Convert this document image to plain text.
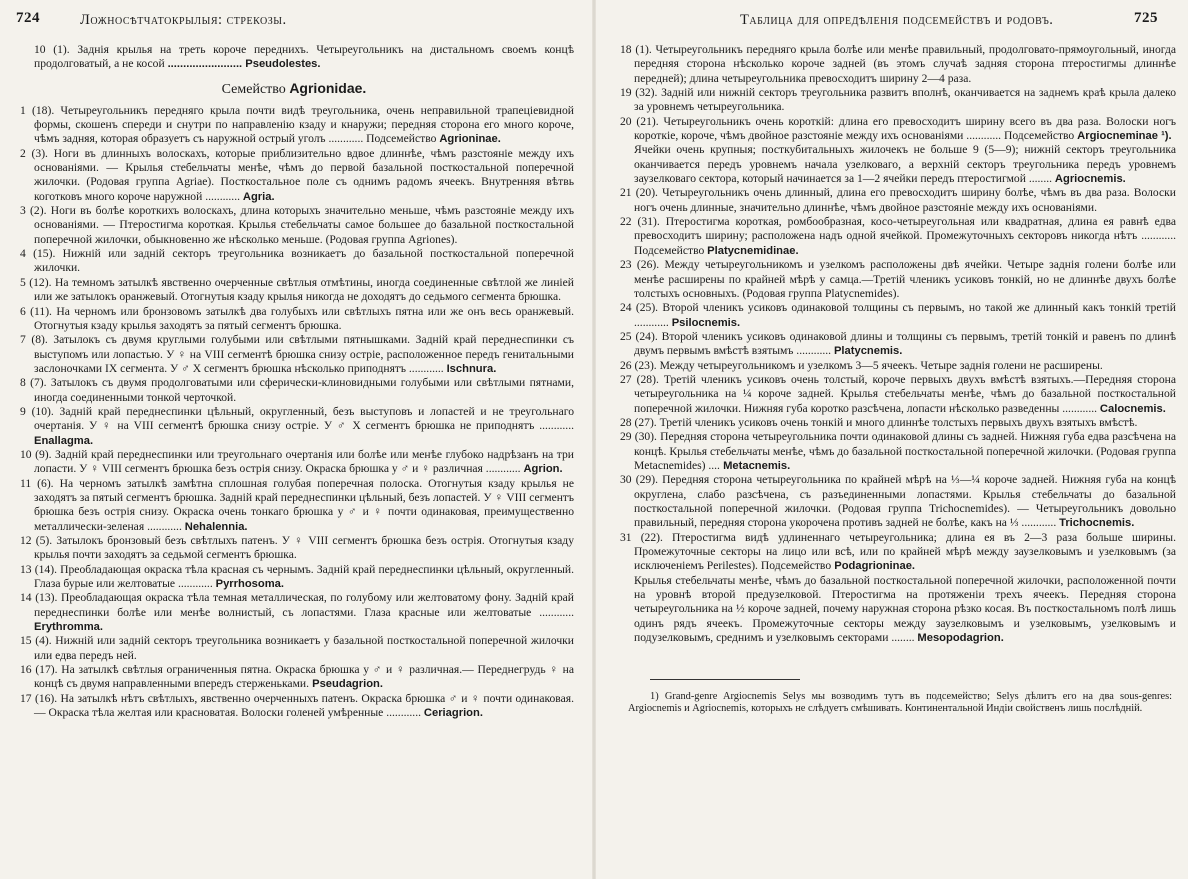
724	Ложносѣтчатокрылыя: стрекозы.

10 (1). Заднія крылья на треть короче переднихъ. Четыреугольникъ на дистальномъ своемъ концѣ продолговатый, а не косой ........................ Pseudolestes.

Семейство Agrionidae.

1 (18). Четыреугольникъ передняго крыла почти видѣ треугольника, очень неправильной трапецiевидной формы, скошенъ спереди и снутри по направленію кзаду и кнаружи; передняя сторона его много короче, чѣмъ задняя, которая образуетъ съ наружной острый уголъ ............ Подсемейство Agrioninae.

2 (3). Ноги въ длинныхъ волоскахъ, которые приблизительно вдвое длиннѣе, чѣмъ разстояніе между ихъ основаніями. — Крылья стебельчаты менѣе, чѣмъ до первой базальной посткостальной поперечной жилочки. (Родовая группа Agriae). Посткостальное поле съ однимъ радомъ ячеекъ. Внутренняя вѣтвь коготковъ много короче наружной ............ Agria.

3 (2). Ноги въ болѣе короткихъ волоскахъ, длина которыхъ значительно меньше, чѣмъ разстояніе между ихъ основаніями. — Птеростигма короткая. Крылья стебельчаты самое большее до базальной посткостальной поперечной жилочки, обыкновенно же нѣсколько меньше. (Родовая группа Agriones).

4 (15). Нижній или задній секторъ треугольника возникаетъ до базальной посткостальной поперечной жилочки.

5 (12). На темномъ затылкѣ явственно очерченные свѣтлыя отмѣтины, иногда соединенные свѣтлой же линіей или же затылокъ оранжевый. Отогнутыя кзаду крылья никогда не доходятъ до седьмого сегмента брюшка.

6 (11). На черномъ или бронзовомъ затылкѣ два голубыхъ или свѣтлыхъ пятна или же онъ весь оранжевый. Отогнутыя кзаду крылья заходятъ за пятый сегментъ брюшка.

7 (8). Затылокъ съ двумя круглыми голубыми или свѣтлыми пятнышками. Задній край переднеспинки съ выступомъ или лопастью. У ♀ на VIII сегментѣ брюшка снизу остріе, расположенное передъ генитальными заслоночками IX сегмента. У ♂ X сегментъ брюшка нѣсколько приподнятъ ............ Ischnura.

8 (7). Затылокъ съ двумя продолговатыми или сферически-клиновидными голубыми или свѣтлыми пятнами, иногда соединенными тонкой черточкой.

9 (10). Задній край переднеспинки цѣльный, округленный, безъ выступовъ и лопастей и не треугольнаго очертанія. У ♀ на VIII сегментѣ брюшка снизу остріе. У ♂ X сегментъ брюшка не приподнятъ ............ Enallagma.

10 (9). Задній край переднеспинки или треугольнаго очертанія или болѣе или менѣе глубоко надрѣзанъ на три лопасти. У ♀ VIII сегментъ брюшка безъ острія снизу. Окраска брюшка у ♂ и ♀ различная ............ Agrion.

11 (6). На черномъ затылкѣ замѣтна сплошная голубая поперечная полоска. Отогнутыя кзаду крылья не заходятъ за пятый сегментъ брюшка. Задній край переднеспинки цѣльный, безъ лопастей. У ♀ VIII сегментъ брюшка безъ острія снизу. Окраска очень тонкаго брюшка у ♂ и ♀ почти одинаковая, преимущественно металлически-зеленая ............ Nehalennia.

12 (5). Затылокъ бронзовый безъ свѣтлыхъ патенъ. У ♀ VIII сегментъ брюшка безъ острія. Отогнутыя кзаду крылья почти заходятъ за седьмой сегментъ брюшка.

13 (14). Преобладающая окраска тѣла красная съ чернымъ. Задній край переднеспинки цѣльный, округленный. Глаза бурые или желтоватые ............ Pyrrhosoma.

14 (13). Преобладающая окраска тѣла темная металлическая, по голубому или желтоватому фону. Задній край переднеспинки болѣе или менѣе волнистый, съ лопастями. Глаза красные или желтоватые ............ Erythromma.

15 (4). Нижній или задній секторъ треугольника возникаетъ у базальной посткостальной поперечной жилочки или едва передъ ней.

16 (17). На затылкѣ свѣтлыя ограниченныя пятна. Окраска брюшка у ♂ и ♀ различная.— Переднегрудь ♀ на концѣ съ двумя направленными впередъ стерженьками. Pseudagrion.

17 (16). На затылкѣ нѣтъ свѣтлыхъ, явственно очерченныхъ патенъ. Окраска брюшка ♂ и ♀ почти одинаковая. — Окраска тѣла желтая или красноватая. Волоски голеней умѣренные ............ Ceriagrion.

Таблица для опредѣленія подсемействъ и родовъ.	725

18 (1). Четыреугольникъ передняго крыла болѣе или менѣе правильный, продолговато-прямоугольный, иногда передняя сторона нѣсколько короче задней (въ этомъ случаѣ задняя сторона птеростигмы длиннѣе передней); длина четыреугольника превосходитъ ширину 2—4 раза.

19 (32). Задній или нижній секторъ треугольника развитъ вполнѣ, оканчивается на заднемъ краѣ крыла далеко за уровнемъ четыреугольника.

20 (21). Четыреугольникъ очень короткій: длина его превосходитъ ширину всего въ два раза. Волоски ногъ короткіе, короче, чѣмъ двойное разстояніе между ихъ основаніями ............ Подсемейство Argiocneminae ¹).

Ячейки очень крупныя; посткубитальныхъ жилочекъ не больше 9 (5—9); нижній секторъ треугольника оканчивается передъ уровнемъ начала узелковаго, а верхній секторъ треугольника передъ уровнемъ заузелковаго сектора, который начинается за 1—2 ячейки передъ птеростигмой ........ Agriocnemis.

21 (20). Четыреугольникъ очень длинный, длина его превосходитъ ширину болѣе, чѣмъ въ два раза. Волоски ногъ очень длинные, значительно длиннѣе, чѣмъ двойное разстояніе между ихъ основаніями.

22 (31). Птеростигма короткая, ромбообразная, косо-четыреугольная или квадратная, длина ея равнѣ едва превосходитъ ширину; расположена надъ одной ячейкой. Промежуточныхъ секторовъ никогда нѣтъ ............ Подсемейство Platycnemidinae.

23 (26). Между четыреугольникомъ и узелкомъ расположены двѣ ячейки. Четыре заднія голени болѣе или менѣе расширены по крайней мѣрѣ у самца.—Третій членикъ усиковъ тонкій, но не длиннѣе двухъ болѣе толстыхъ основныхъ. (Родовая группа Platycnemides).

24 (25). Второй членикъ усиковъ одинаковой толщины съ первымъ, но такой же длинный какъ тонкій третій ............ Psilocnemis.

25 (24). Второй членикъ усиковъ одинаковой длины и толщины съ первымъ, третій тонкій и равенъ по длинѣ двумъ первымъ вмѣстѣ взятымъ ............ Platycnemis.

26 (23). Между четыреугольникомъ и узелкомъ 3—5 ячеекъ. Четыре заднія голени не расширены.

27 (28). Третій членикъ усиковъ очень толстый, короче первыхъ двухъ вмѣстѣ взятыхъ.—Передняя сторона четыреугольника на ¼ короче задней. Крылья стебельчаты менѣе, чѣмъ до базальной посткостальной поперечной жилочки. Нижняя губа коротко разсѣчена, лопасти нѣсколько разведенны ............ Calocnemis.

28 (27). Третій членикъ усиковъ очень тонкій и много длиннѣе толстыхъ первыхъ двухъ взятыхъ вмѣстѣ.

29 (30). Передняя сторона четыреугольника почти одинаковой длины съ задней. Нижняя губа едва разсѣчена на концѣ. Крылья стебельчаты менѣе, чѣмъ до базальной посткостальной поперечной жилочки. (Родовая группа Metacnemides) .... Metacnemis.

30 (29). Передняя сторона четыреугольника по крайней мѣрѣ на ⅓—¼ короче задней. Нижняя губа на концѣ округлена, слабо разсѣчена, съ разъединенными лопастями. Крылья стебельчаты до базальной посткостальной поперечной жилочки. (Родовая группа Trichocnemides). — Четыреугольникъ довольно правильный, передняя сторона укорочена противъ задней не болѣе, какъ на ⅓ ............ Trichocnemis.

31 (22). Птеростигма видѣ удлиненнаго четыреугольника; длина ея въ 2—3 раза больше ширины. Промежуточные секторы на лицо или всѣ, или по крайней мѣрѣ между заузелковымъ и узелковымъ (за исключеніемъ Perilestes). Подсемейство Podagrioninae.

Крылья стебельчаты менѣе, чѣмъ до базальной посткостальной поперечной жилочки, расположенной почти на уровнѣ второй предузелковой. Птеростигма на протяженіи трехъ ячеекъ. Передняя сторона четыреугольника на ½ короче задней, почему наружная сторона рѣзко косая. Въ посткостальномъ полѣ лишь одинъ рядъ ячеекъ. Промежуточные секторы между заузелковымъ и узелковымъ, узелковымъ и подузелковымъ, среднимъ и узелковымъ секторами ........ Mesopodagrion.

1) Grand-genre Argiocnemis Selys мы возводимъ тутъ въ подсемейство; Selys дѣлитъ его на два sous-genres: Argiocnemis и Agriocnemis, которыхъ не слѣдуетъ смѣшивать. Континентальной Индіи свойственъ лишь послѣдній.
